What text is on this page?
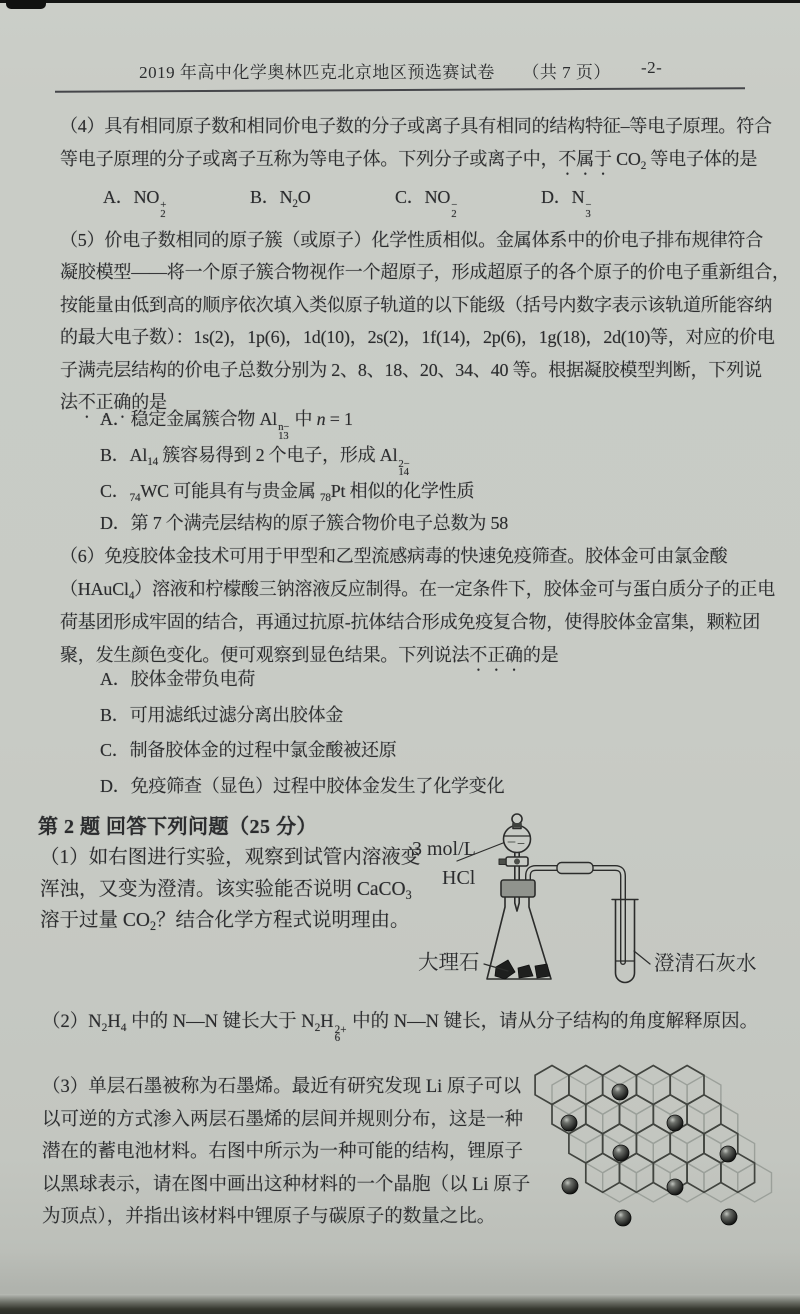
2019 年高中化学奥林匹克北京地区预选赛试卷 （共 7 页）	-2-
（4）具有相同原子数和相同价电子数的分子或离子具有相同的结构特征–等电子原理。符合
等电子原理的分子或离子互称为等电子体。下列分子或离子中，不属于 $CO_2$ 等电子体的是
A．NO +
2
B．$N_2O$	C．NO −
2
D．N −
3
（5）价电子数相同的原子簇（或原子）化学性质相似。金属体系中的价电子排布规律符合
凝胶模型——将一个原子簇合物视作一个超原子，形成超原子的各个原子的价电子重新组合，
按能量由低到高的顺序依次填入类似原子轨道的以下能级（括号内数字表示该轨道所能容纳
的最大电子数）：1s(2)，1p(6)，1d(10)，2s(2)，1f(14)，2p(6)，1g(18)，2d(10)等，对应的价电
子满壳层结构的价电子总数分别为 2、8、18、20、34、40 等。根据凝胶模型判断，下列说
法不正确的是
A．稳定金属簇合物 Al n−
13
中 n = 1
B．$Al_{14}$ 簇容易得到 2 个电子，形成 Al 2−
14
C．$_{74}$WC 可能具有与贵金属 $_{78}$Pt 相似的化学性质
D．第 7 个满壳层结构的原子簇合物价电子总数为 58
（6）免疫胶体金技术可用于甲型和乙型流感病毒的快速免疫筛查。胶体金可由氯金酸
（HAuCl$_4$）溶液和柠檬酸三钠溶液反应制得。在一定条件下，胶体金可与蛋白质分子的正电
荷基团形成牢固的结合，再通过抗原-抗体结合形成免疫复合物，使得胶体金富集，颗粒团
聚，发生颜色变化。便可观察到显色结果。下列说法不正确的是
A．胶体金带负电荷
B．可用滤纸过滤分离出胶体金
C．制备胶体金的过程中氯金酸被还原
D．免疫筛查（显色）过程中胶体金发生了化学变化
第 2 题 回答下列问题（25 分）
（1）如右图进行实验，观察到试管内溶液变
浑浊，又变为澄清。该实验能否说明 CaCO$_3$
溶于过量 $CO_2$？结合化学方程式说明理由。
3 mol/L
HCl
大理石	澄清石灰水
$(2)N_2H_4$ 中的 N—N 键长大于 $N_2H$ 2+
6
中的 N—N 键长，请从分子结构的角度解释原因。
（3）单层石墨被称为石墨烯。最近有研究发现 Li 原子可以
以可逆的方式渗入两层石墨烯的层间并规则分布，这是一种
潜在的蓄电池材料。右图中所示为一种可能的结构，锂原子
以黑球表示，请在图中画出这种材料的一个晶胞（以 Li 原子
为顶点），并指出该材料中锂原子与碳原子的数量之比。
